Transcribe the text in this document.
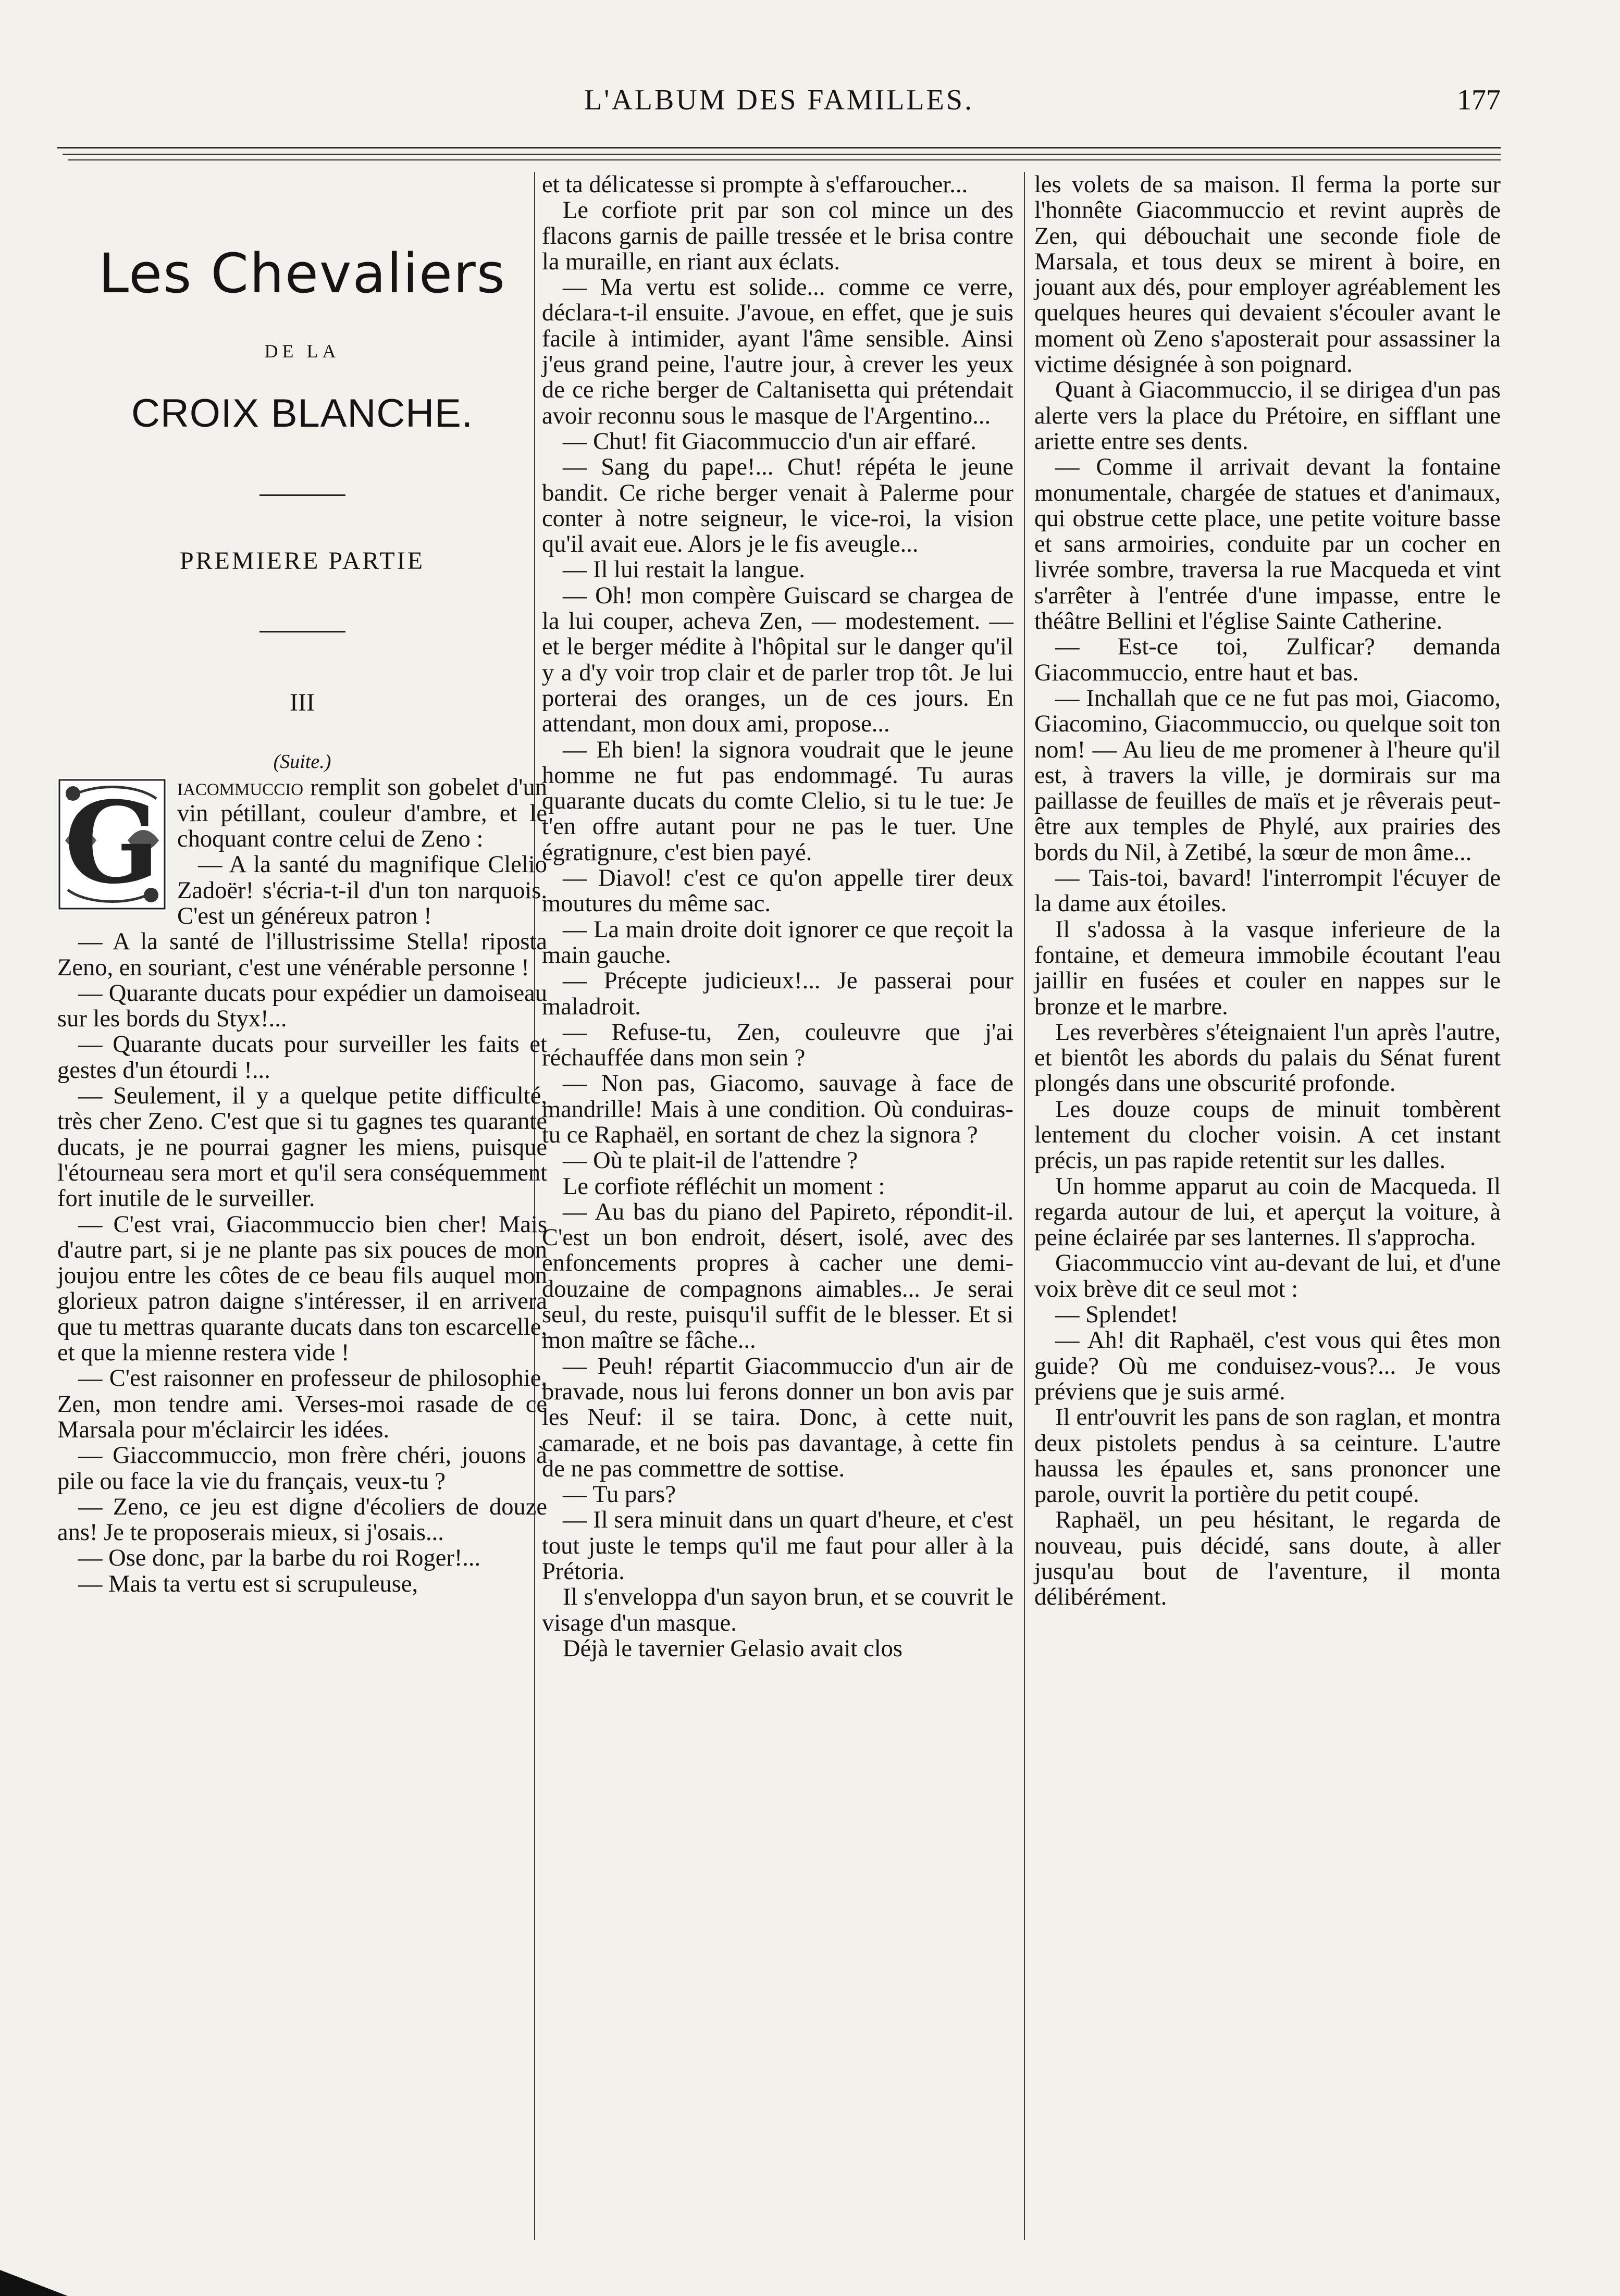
L'ALBUM DES FAMILLES.	177
Les Chevaliers
DE LA
CROIX BLANCHE.
PREMIERE PARTIE
III
(Suite.)

G iacommuccio remplit son gobelet d'un vin pétillant, couleur d'ambre, et le choquant contre celui de Zeno :

— A la santé du magnifique Clelio Zadoër! s'écria-t-il d'un ton narquois. C'est un généreux patron !

— A la santé de l'illustrissime Stella! riposta Zeno, en souriant, c'est une vénérable personne !

— Quarante ducats pour expédier un damoiseau sur les bords du Styx!...

— Quarante ducats pour surveiller les faits et gestes d'un étourdi !...

— Seulement, il y a quelque petite difficulté, très cher Zeno. C'est que si tu gagnes tes quarante ducats, je ne pourrai gagner les miens, puisque l'étourneau sera mort et qu'il sera conséquemment fort inutile de le surveiller.

— C'est vrai, Giacommuccio bien cher! Mais d'autre part, si je ne plante pas six pouces de mon joujou entre les côtes de ce beau fils auquel mon glorieux patron daigne s'intéresser, il en arrivera que tu mettras quarante ducats dans ton escarcelle, et que la mienne restera vide !

— C'est raisonner en professeur de philosophie, Zen, mon tendre ami. Verses-moi rasade de ce Marsala pour m'éclaircir les idées.

— Giaccommuccio, mon frère chéri, jouons à pile ou face la vie du français, veux-tu ?

— Zeno, ce jeu est digne d'écoliers de douze ans! Je te proposerais mieux, si j'osais...

— Ose donc, par la barbe du roi Roger!...

— Mais ta vertu est si scrupuleuse,

et ta délicatesse si prompte à s'effaroucher...

Le corfiote prit par son col mince un des flacons garnis de paille tressée et le brisa contre la muraille, en riant aux éclats.

— Ma vertu est solide... comme ce verre, déclara-t-il ensuite. J'avoue, en effet, que je suis facile à intimider, ayant l'âme sensible. Ainsi j'eus grand peine, l'autre jour, à crever les yeux de ce riche berger de Caltanisetta qui prétendait avoir reconnu sous le masque de l'Argentino...

— Chut! fit Giacommuccio d'un air effaré.

— Sang du pape!... Chut! répéta le jeune bandit. Ce riche berger venait à Palerme pour conter à notre seigneur, le vice-roi, la vision qu'il avait eue. Alors je le fis aveugle...

— Il lui restait la langue.

— Oh! mon compère Guiscard se chargea de la lui couper, acheva Zen, — modestement. — et le berger médite à l'hôpital sur le danger qu'il y a d'y voir trop clair et de parler trop tôt. Je lui porterai des oranges, un de ces jours. En attendant, mon doux ami, propose...

— Eh bien! la signora voudrait que le jeune homme ne fut pas endommagé. Tu auras quarante ducats du comte Clelio, si tu le tue: Je t'en offre autant pour ne pas le tuer. Une égratignure, c'est bien payé.

— Diavol! c'est ce qu'on appelle tirer deux moutures du même sac.

— La main droite doit ignorer ce que reçoit la main gauche.

— Précepte judicieux!... Je passerai pour maladroit.

— Refuse-tu, Zen, couleuvre que j'ai réchauffée dans mon sein ?

— Non pas, Giacomo, sauvage à face de mandrille! Mais à une condition. Où conduiras-tu ce Raphaël, en sortant de chez la signora ?

— Où te plait-il de l'attendre ?

Le corfiote réfléchit un moment :

— Au bas du piano del Papireto, répondit-il. C'est un bon endroit, désert, isolé, avec des enfoncements propres à cacher une demi-douzaine de compagnons aimables... Je serai seul, du reste, puisqu'il suffit de le blesser. Et si mon maître se fâche...

— Peuh! répartit Giacommuccio d'un air de bravade, nous lui ferons donner un bon avis par les Neuf: il se taira. Donc, à cette nuit, camarade, et ne bois pas davantage, à cette fin de ne pas commettre de sottise.

— Tu pars?

— Il sera minuit dans un quart d'heure, et c'est tout juste le temps qu'il me faut pour aller à la Prétoria.

Il s'enveloppa d'un sayon brun, et se couvrit le visage d'un masque.

Déjà le tavernier Gelasio avait clos

les volets de sa maison. Il ferma la porte sur l'honnête Giacommuccio et revint auprès de Zen, qui débouchait une seconde fiole de Marsala, et tous deux se mirent à boire, en jouant aux dés, pour employer agréablement les quelques heures qui devaient s'écouler avant le moment où Zeno s'aposterait pour assassiner la victime désignée à son poignard.

Quant à Giacommuccio, il se dirigea d'un pas alerte vers la place du Prétoire, en sifflant une ariette entre ses dents.

— Comme il arrivait devant la fontaine monumentale, chargée de statues et d'animaux, qui obstrue cette place, une petite voiture basse et sans armoiries, conduite par un cocher en livrée sombre, traversa la rue Macqueda et vint s'arrêter à l'entrée d'une impasse, entre le théâtre Bellini et l'église Sainte Catherine.

— Est-ce toi, Zulficar? demanda Giacommuccio, entre haut et bas.

— Inchallah que ce ne fut pas moi, Giacomo, Giacomino, Giacommuccio, ou quelque soit ton nom! — Au lieu de me promener à l'heure qu'il est, à travers la ville, je dormirais sur ma paillasse de feuilles de maïs et je rêverais peut-être aux temples de Phylé, aux prairies des bords du Nil, à Zetibé, la sœur de mon âme...

— Tais-toi, bavard! l'interrompit l'écuyer de la dame aux étoiles.

Il s'adossa à la vasque inferieure de la fontaine, et demeura immobile écoutant l'eau jaillir en fusées et couler en nappes sur le bronze et le marbre.

Les reverbères s'éteignaient l'un après l'autre, et bientôt les abords du palais du Sénat furent plongés dans une obscurité profonde.

Les douze coups de minuit tombèrent lentement du clocher voisin. A cet instant précis, un pas rapide retentit sur les dalles.

Un homme apparut au coin de Macqueda. Il regarda autour de lui, et aperçut la voiture, à peine éclairée par ses lanternes. Il s'approcha.

Giacommuccio vint au-devant de lui, et d'une voix brève dit ce seul mot :

— Splendet!

— Ah! dit Raphaël, c'est vous qui êtes mon guide? Où me conduisez-vous?... Je vous préviens que je suis armé.

Il entr'ouvrit les pans de son raglan, et montra deux pistolets pendus à sa ceinture. L'autre haussa les épaules et, sans prononcer une parole, ouvrit la portière du petit coupé.

Raphaël, un peu hésitant, le regarda de nouveau, puis décidé, sans doute, à aller jusqu'au bout de l'aventure, il monta délibérément.
